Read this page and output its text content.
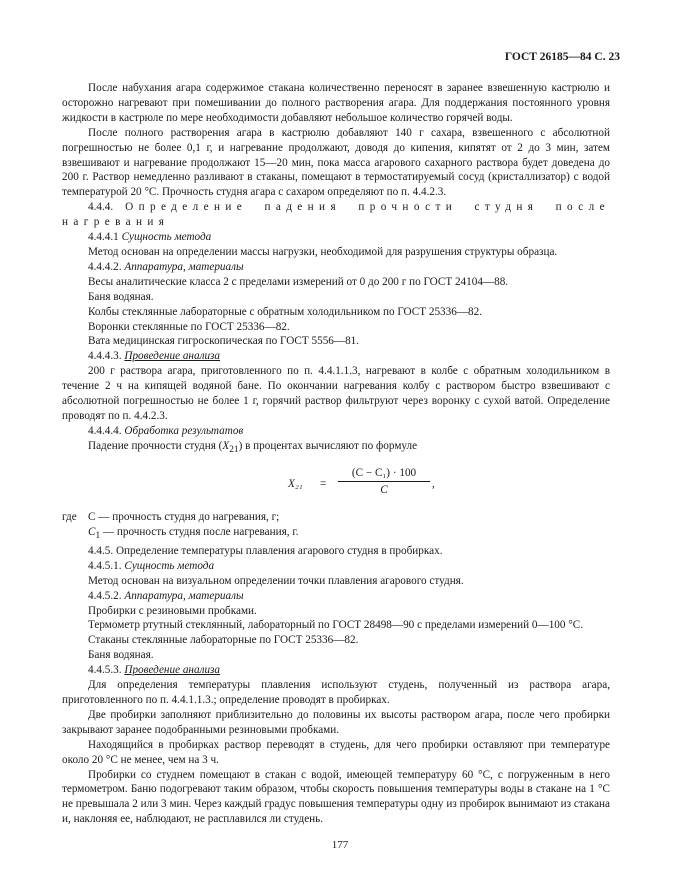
ГОСТ 26185—84 С. 23

После набухания агара содержимое стакана количественно переносят в заранее взвешенную кастрюлю и осторожно нагревают при помешивании до полного растворения агара. Для поддержания постоянного уровня жидкости в кастрюле по мере необходимости добавляют небольшое количество горячей воды.

После полного растворения агара в кастрюлю добавляют 140 г сахара, взвешенного с абсолютной погрешностью не более 0,1 г, и нагревание продолжают, доводя до кипения, кипятят от 2 до 3 мин, затем взвешивают и нагревание продолжают 15—20 мин, пока масса агарового сахарного раствора будет доведена до 200 г. Раствор немедленно разливают в стаканы, помещают в термостатируемый сосуд (кристаллизатор) с водой температурой 20 °С. Прочность студня агара с сахаром определяют по п. 4.4.2.3.

4.4.4. Определение падения прочности студня после нагревания

4.4.4.1 Сущность метода

Метод основан на определении массы нагрузки, необходимой для разрушения структуры образца.

4.4.4.2. Аппаратура, материалы

Весы аналитические класса 2 с пределами измерений от 0 до 200 г по ГОСТ 24104—88.

Баня водяная.

Колбы стеклянные лабораторные с обратным холодильником по ГОСТ 25336—82.

Воронки стеклянные по ГОСТ 25336—82.

Вата медицинская гигроскопическая по ГОСТ 5556—81.

4.4.4.3. Проведение анализа

200 г раствора агара, приготовленного по п. 4.4.1.1.3, нагревают в колбе с обратным холодильником в течение 2 ч на кипящей водяной бане. По окончании нагревания колбу с раствором быстро взвешивают с абсолютной погрешностью не более 1 г, горячий раствор фильтруют через воронку с сухой ватой. Определение проводят по п. 4.4.2.3.

4.4.4.4. Обработка результатов

Падение прочности студня $(X_{21})$ в процентах вычисляют по формуле

X₂₁ =
(C − C₁) · 100
C	,

где C — прочность студня до нагревания, г;

$C_1$ — прочность студня после нагревания, г.

4.4.5. Определение температуры плавления агарового студня в пробирках.

4.4.5.1. Сущность метода

Метод основан на визуальном определении точки плавления агарового студня.

4.4.5.2. Аппаратура, материалы

Пробирки с резиновыми пробками.

Термометр ртутный стеклянный, лабораторный по ГОСТ 28498—90 с пределами измерений 0—100 °С.

Стаканы стеклянные лабораторные по ГОСТ 25336—82.

Баня водяная.

4.4.5.3. Проведение анализа

Для определения температуры плавления используют студень, полученный из раствора агара, приготовленного по п. 4.4.1.1.3.; определение проводят в пробирках.

Две пробирки заполняют приблизительно до половины их высоты раствором агара, после чего пробирки закрывают заранее подобранными резиновыми пробками.

Находящийся в пробирках раствор переводят в студень, для чего пробирки оставляют при температуре около 20 °С не менее, чем на 3 ч.

Пробирки со студнем помещают в стакан с водой, имеющей температуру 60 °С, с погруженным в него термометром. Баню подогревают таким образом, чтобы скорость повышения температуры воды в стакане на 1 °С не превышала 2 или 3 мин. Через каждый градус повышения температуры одну из пробирок вынимают из стакана и, наклоняя ее, наблюдают, не расплавился ли студень.

177
